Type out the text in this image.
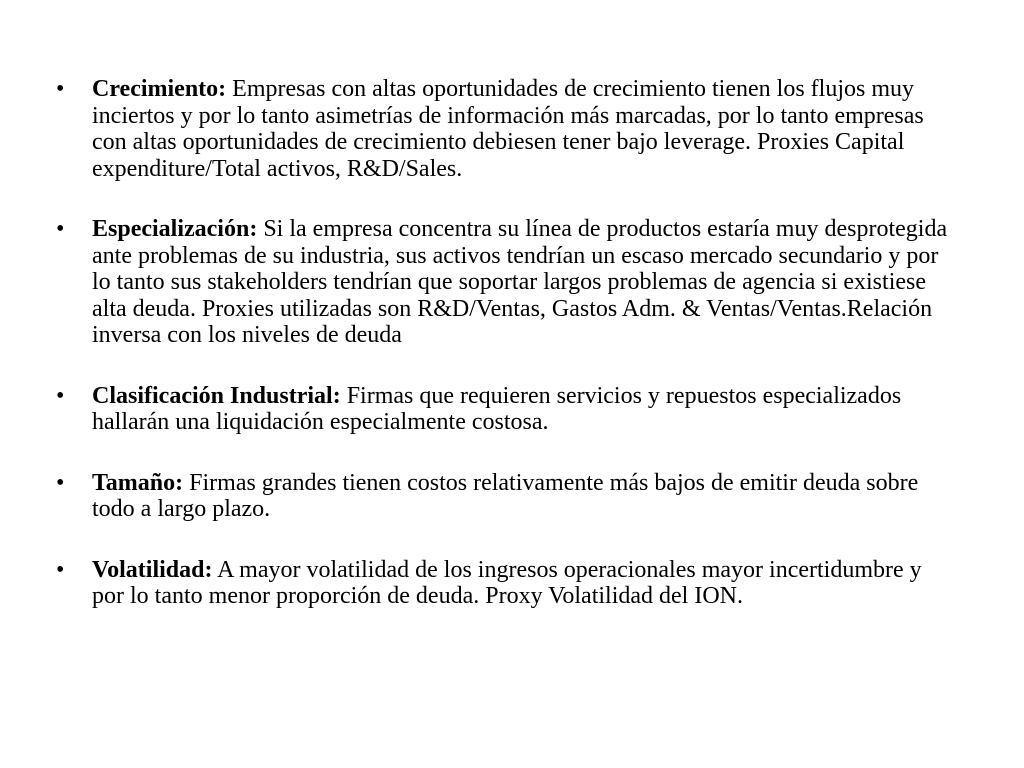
• Crecimiento: Empresas con altas oportunidades de crecimiento tienen los flujos muy inciertos y por lo tanto asimetrías de información más marcadas, por lo tanto empresas con altas oportunidades de crecimiento debiesen tener bajo leverage. Proxies Capital expenditure/Total activos, R&D/Sales.
• Especialización: Si la empresa concentra su línea de productos estaría muy desprotegida ante problemas de su industria, sus activos tendrían un escaso mercado secundario y por lo tanto sus stakeholders tendrían que soportar largos problemas de agencia si existiese alta deuda. Proxies utilizadas son R&D/Ventas, Gastos Adm. & Ventas/Ventas.Relación inversa con los niveles de deuda
• Clasificación Industrial: Firmas que requieren servicios y repuestos especializados hallarán una liquidación especialmente costosa.
• Tamaño: Firmas grandes tienen costos relativamente más bajos de emitir deuda sobre todo a largo plazo.
• Volatilidad: A mayor volatilidad de los ingresos operacionales mayor incertidumbre y por lo tanto menor proporción de deuda. Proxy Volatilidad del ION.
